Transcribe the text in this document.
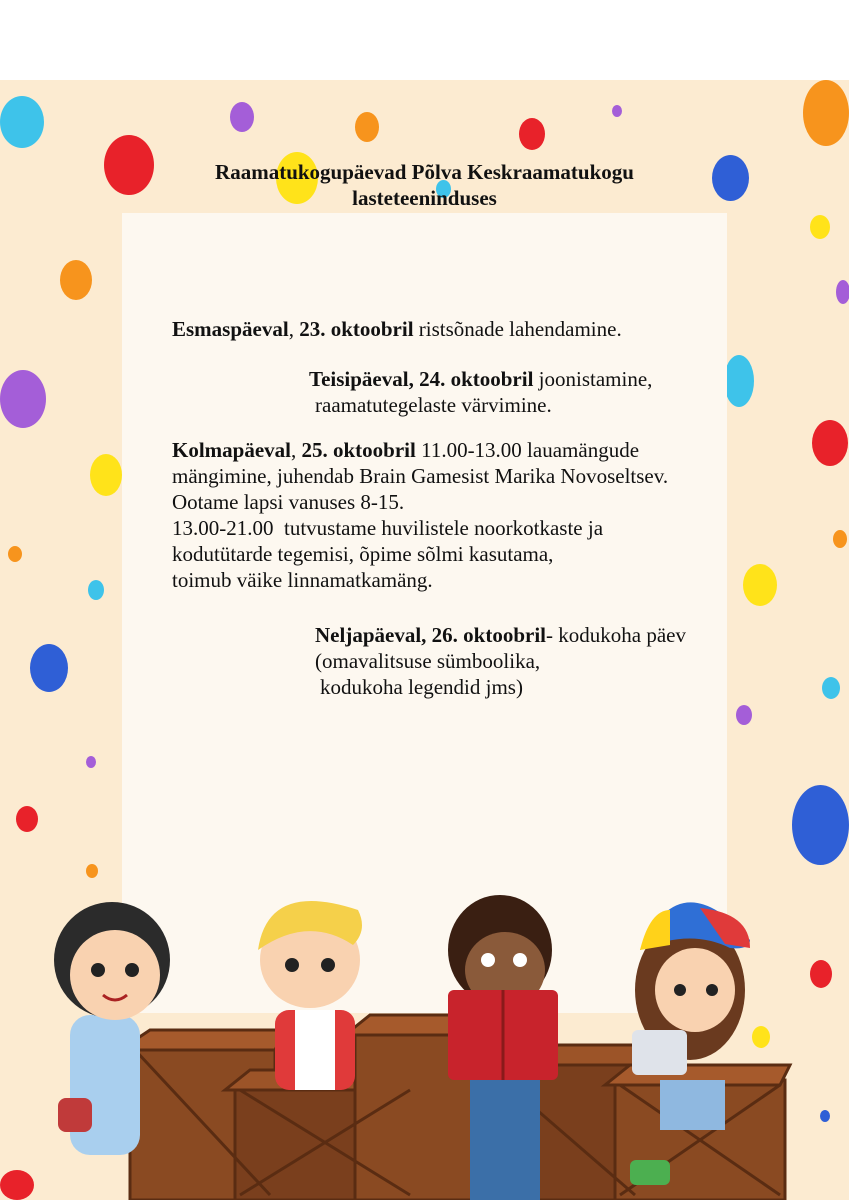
Raamatukogupäevad Põlva Keskraamatukogu
lasteteeninduses
Esmaspäeval, 23. oktoobril ristsõnade lahendamine.
Teisipäeval, 24. oktoobril joonistamine,
raamatutegelaste värvimine.
Kolmapäeval, 25. oktoobril 11.00-13.00 lauamängude
mängimine, juhendab Brain Gamesist Marika Novoseltsev.
Ootame lapsi vanuses 8-15.
13.00-21.00  tutvustame huvilistele noorkotkaste ja
kodutütarde tegemisi, õpime sõlmi kasutama,
toimub väike linnamatkamäng.
Neljapäeval, 26. oktoobril- kodukoha päev
(omavalitsuse sümboolika,
kodukoha legendid jms)
